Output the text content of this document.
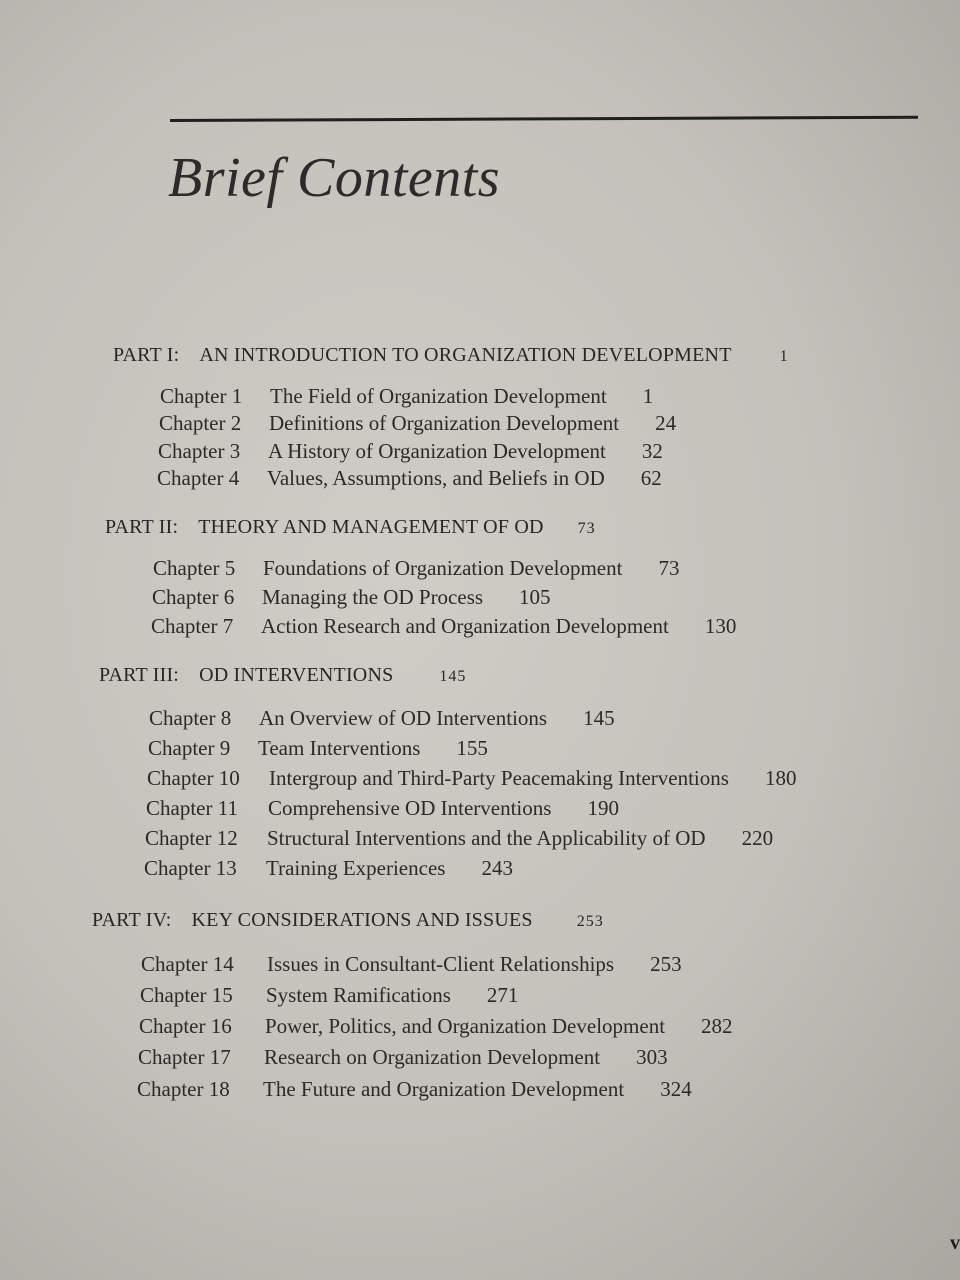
Brief Contents
PART I: AN INTRODUCTION TO ORGANIZATION DEVELOPMENT	1
Chapter 1 The Field of Organization Development 1
Chapter 2 Definitions of Organization Development 24
Chapter 3 A History of Organization Development 32
Chapter 4 Values, Assumptions, and Beliefs in OD 62
PART II: THEORY AND MANAGEMENT OF OD 73
Chapter 5 Foundations of Organization Development 73
Chapter 6 Managing the OD Process 105
Chapter 7 Action Research and Organization Development 130
PART III: OD INTERVENTIONS	145
Chapter 8 An Overview of OD Interventions 145
Chapter 9 Team Interventions 155
Chapter 10 Intergroup and Third-Party Peacemaking Interventions 180
Chapter 11 Comprehensive OD Interventions 190
Chapter 12 Structural Interventions and the Applicability of OD 220
Chapter 13 Training Experiences 243
PART IV: KEY CONSIDERATIONS AND ISSUES	253
Chapter 14 Issues in Consultant-Client Relationships 253
Chapter 15 System Ramifications 271
Chapter 16 Power, Politics, and Organization Development 282
Chapter 17 Research on Organization Development 303
Chapter 18 The Future and Organization Development 324
v
